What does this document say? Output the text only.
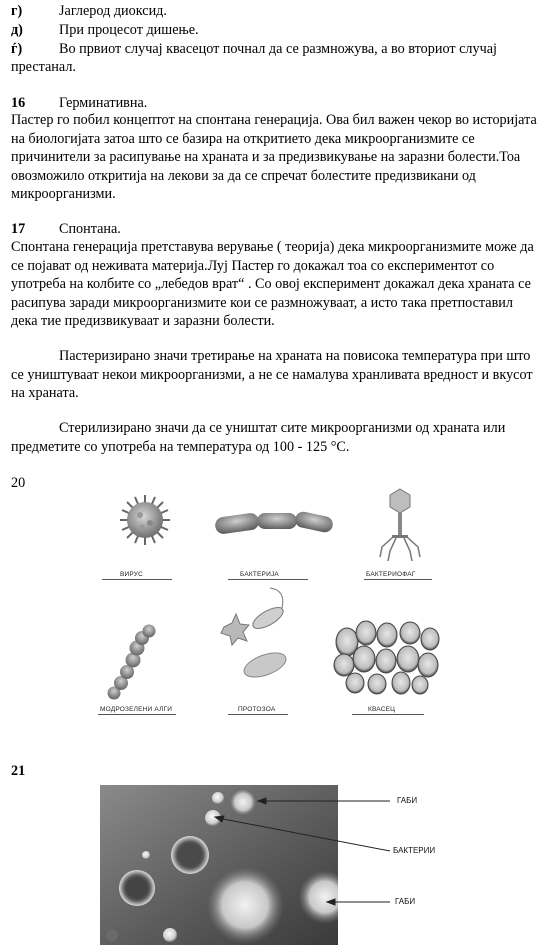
г)	Јаглерод диоксид.
д)	При процесот дишење.
ѓ)	Во првиот случај квасецот почнал да се размножува, а во вториот случај
престанал.
16 Герминативна.
Пастер го побил концептот на спонтана генерација. Ова бил важен чекор во историјата на биологијата затоа што се базира на откритието дека микроорганизмите се причинители за расипување на храната и за предизвикување на заразни болести.Тоа овозможило откритија на лекови за да се спречат болестите предизвикани од микроорганизми.
17 Спонтана.
Спонтана генерација претставува верување ( теорија) дека микроорганизмите може да се појават од неживата материја.Луј Пастер го докажал тоа со експериментот со употреба на колбите со „лебедов врат“ . Со овој експеримент докажал дека храната се расипува заради микроорганизмите кои се размножуваат, а исто така претпоставил дека тие предизвикуваат и заразни болести.
Пастеризирано значи третирање на храната на повисока температура при што се уништуваат некои микроорганизми, а не се намалува хранливата вредност и вкусот на храната.
Стерилизирано значи да се уништат сите микроорганизми од храната или предметите со употреба на температура од 100 - 125 °C.
20
ВИРУС	БАКТЕРИЈА	БАКТЕРИОФАГ
МОДРОЗЕЛЕНИ АЛГИ	ПРОТОЗОА	КВАСЕЦ
21
ГАБИ
БАКТЕРИИ
ГАБИ
